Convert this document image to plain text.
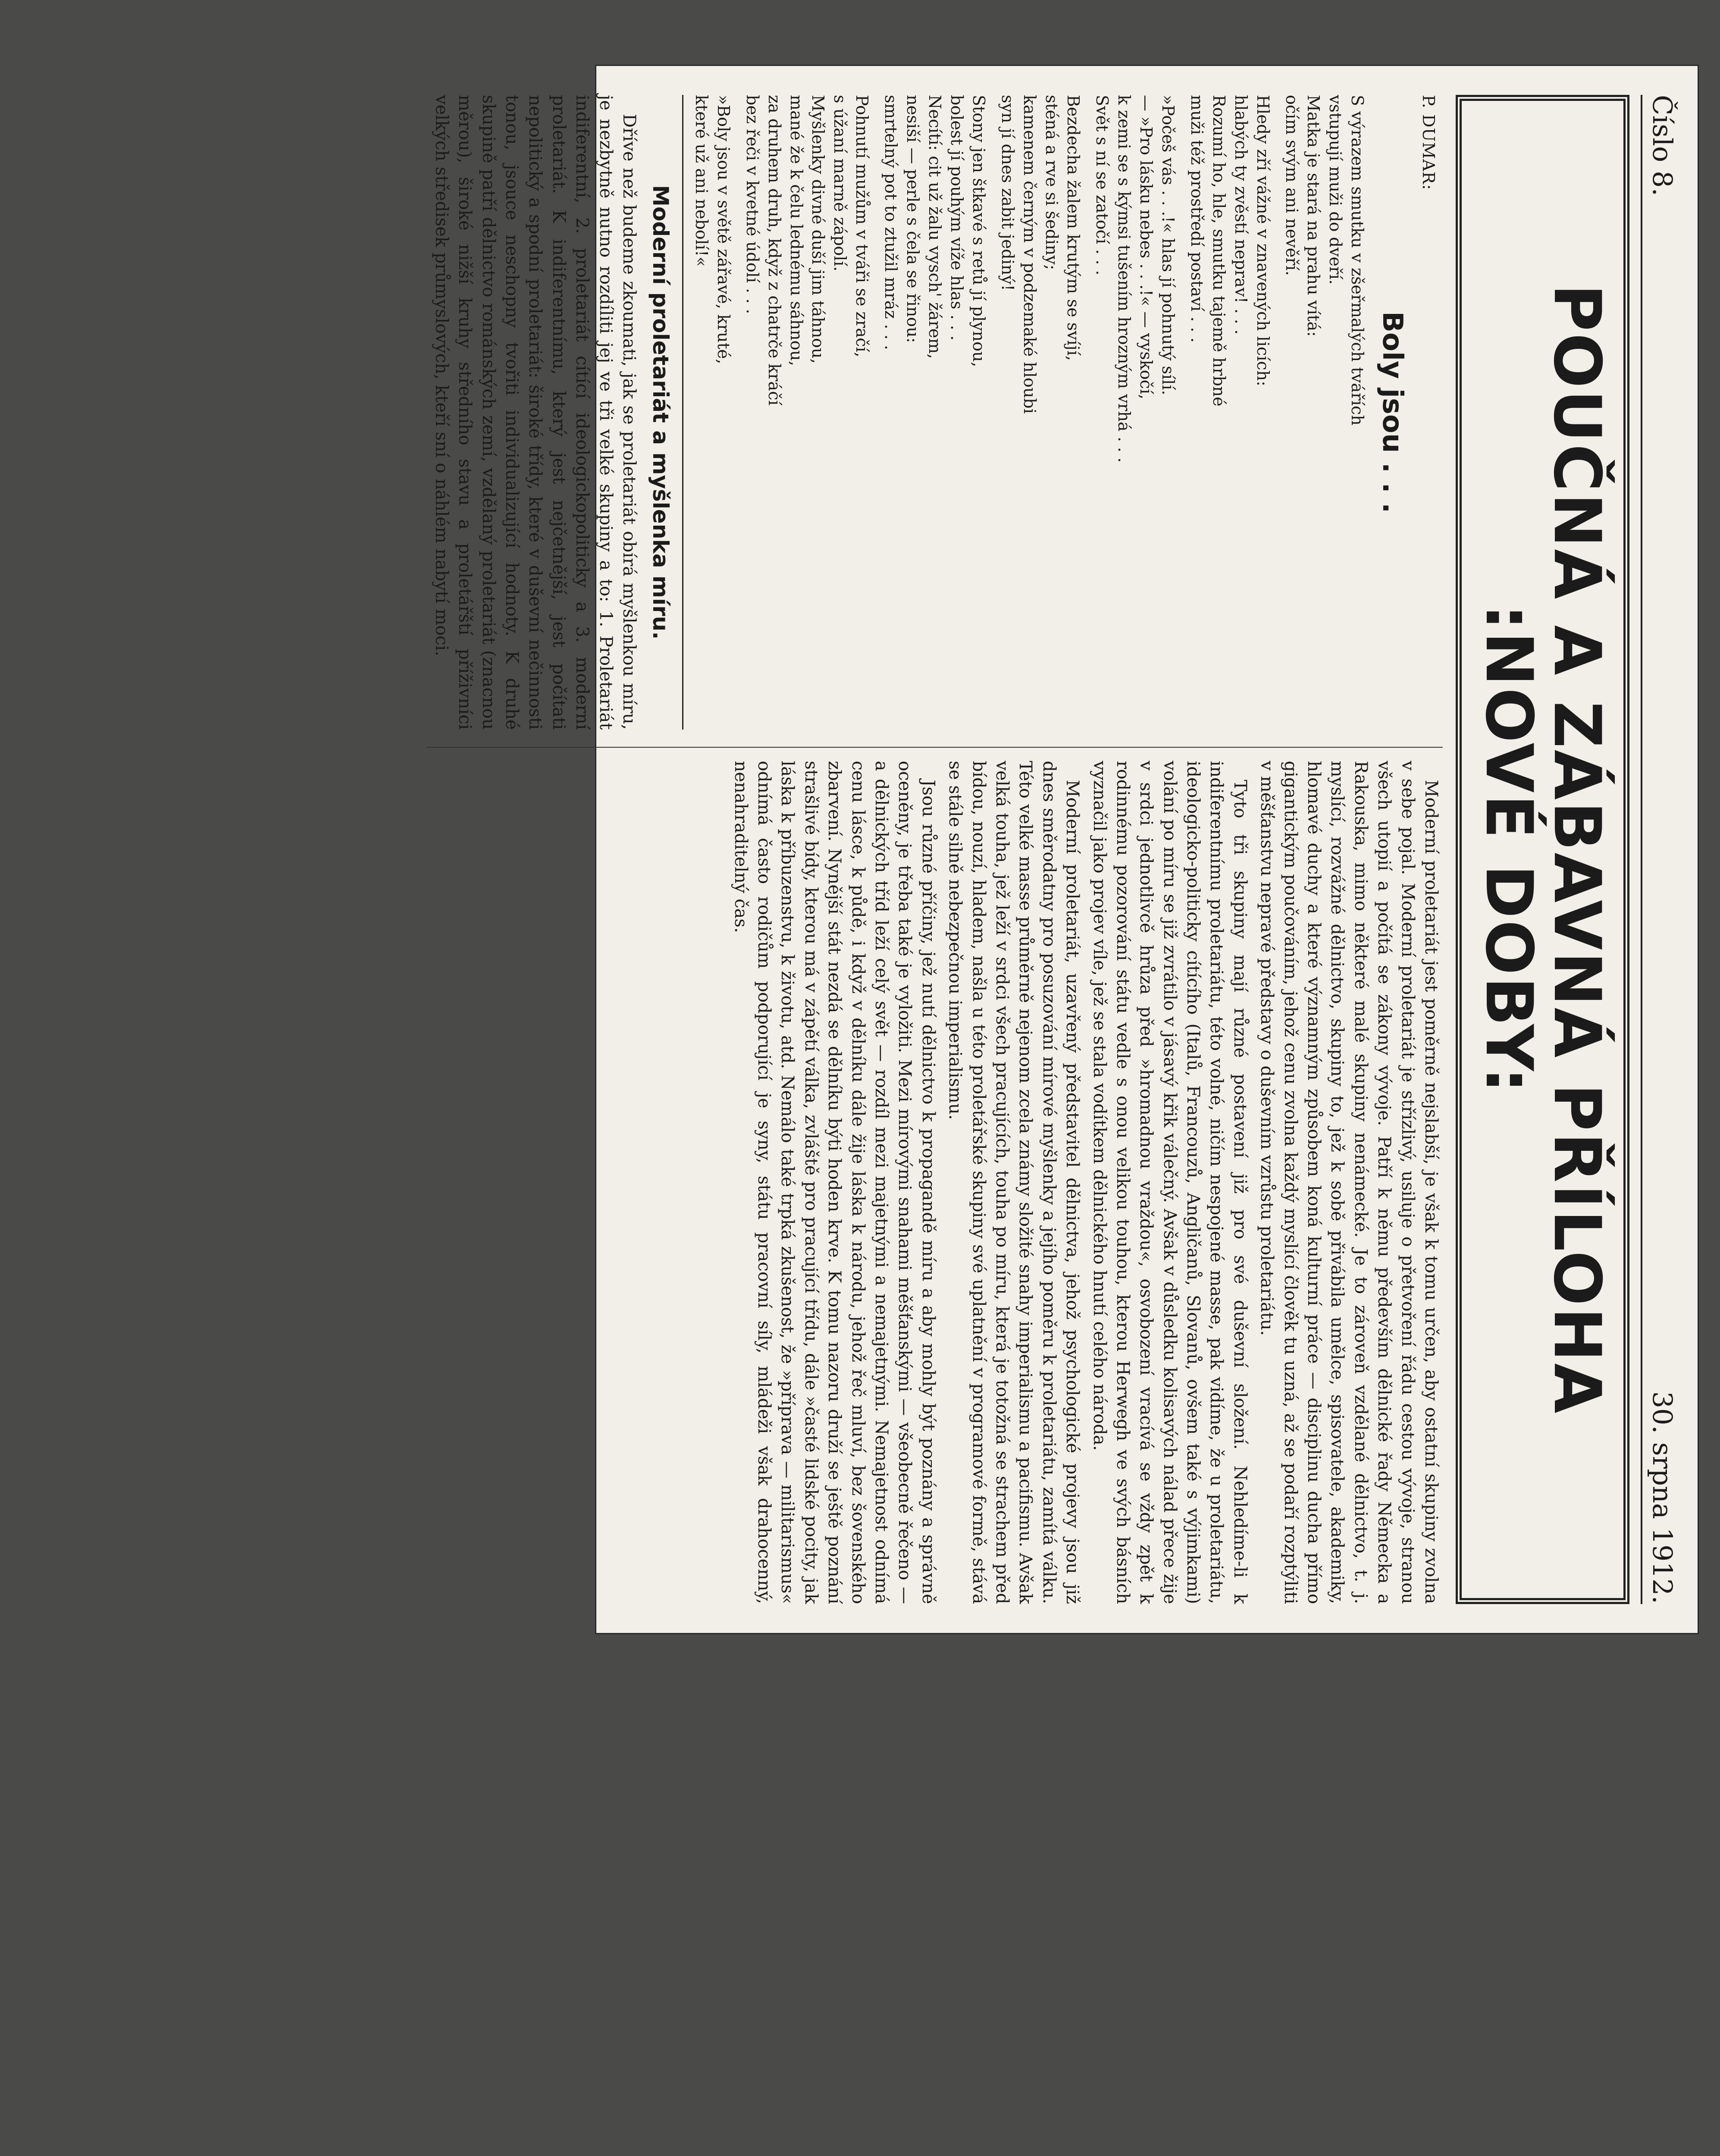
Číslo 8.
30. srpna 1912.
POUČNÁ A ZÁBAVNÁ PŘÍLOHA
:NOVÉ DOBY:
P. DUMAR:
Boly jsou . . .
S výrazem smutku v zšeřmalých tvářích
vstupují muži do dveří.
Matka je stará na prahu vítá:
očím svým ani nevěří.
Hledy zří vážné v znavených licích:
hlabých ty zvěstí neprav! . . .
Rozumí ho, hle, smutku tajemě hrbné
muži též prostředí postaví . . .
»Počeš vás . . .!« hlas jí pohnutý sílí.
— »Pro lásku nebes . . .!« — vyskočí,
k zemi se s kýmsi tušením hrozným vrhá . . .
Svět s ní se zatočí . . .
Bezdecha žalem krutým se svíjí,
sténá a rve si šediny;
kamenem černým v podzemaké hloubi
syn jí dnes zabit jediný!
Stony jen štkavé s retů jí plynou,
bolest jí pouhým víže hlas . . .
Necítí: cit už žalu vysch' žárem,
nesiší — perle s čela se řinou:
smrtelný pot to ztužil mráz . . .
Pohnutí mužům v tváři se zračí,
s úžaní marně zápolí.
Myšlenky divné duší jim táhnou,
mané že k čelu lednému sáhnou,
za druhem druh, když z chatrče kráčí
bez řeči v kvetné údolí . . .
»Boly jsou v světě zářavé, kruté,
které už ani nebolí!«
Moderní proletariát a myšlenka míru.

Dříve než budeme zkoumati, jak se proletariát obírá myšlenkou míru, je nezbytně nutno rozdíliti jej ve tři velké skupiny a to: 1. Proletariát indiferentní, 2. proletariát cítící ideologickopoliticky a 3. moderní proletariát. K indiferentnímu, který jest nejčetnější, jest počítati nepolitický a spodní proletariát: široké třídy, které v duševní nečinnosti tonou, jsouce neschopny tvořiti individualizující hodnoty. K druhé skupině patří dělnictvo románských zemí, vzdělaný proletariát (znacnou měrou), široké nižší kruhy středního stavu a proletářští příživníci velkých středisek průmyslových, kteří sní o náhlém nabytí moci.

Moderní proletariát jest poměrně nejslabší, je však k tomu určen, aby ostatní skupiny zvolna v sebe pojal. Moderní proletariát je střízlivý, usiluje o přetvoření řádu cestou vývoje, stranou všech utopií a počítá se zákony vývoje. Patří k němu především dělnické řady Německa a Rakouska, mimo některé malé skupiny nenámecké. Je to zároveň vzdělané dělnictvo, t. j. myslící, rozvážné dělnictvo, skupiny to, jež k sobě přivábila umělce, spisovatele, akademiky, hlomavé duchy a které významným způsobem koná kulturní práce — disciplinu ducha přímo gigantickým poučováním, jehož cenu zvolna každý myslící člověk tu uzná, až se podaří rozptýliti v měšťanstvu nepravé představy o duševním vzrůstu proletariátu.

Tyto tři skupiny mají různé postavení již pro své duševní složení. Nehledíme-li k indiferentnímu proletariátu, této volné, ničím nespojené masse, pak vidíme, že u proletariátu, ideologicko-politicky cítícího (Italů, Francouzů, Angličanů, Slovanů, ovšem také s výjimkami) volání po míru se již zvrátilo v jásavý křik válečný. Avšak v důsledku kolisavých nálad přece žije v srdci jednotlivcě hrůza před »hromadnou vraždou«, osvobození vracívá se vždy zpět k rodinnému pozorování státu vedle s onou velikou touhou, kterou Herwegh ve svých básních vyznačil jako projev víle, jež se stala vodítkem dělnického hnutí celého národa.

Moderní proletariát, uzavřený představitel dělnictva, jehož psychologické projevy jsou již dnes směrodatny pro posuzování mírové myšlenky a jejího poměru k proletariátu, zamítá válku. Této velké masse průměrně nejenom zcela známy složité snahy imperialismu a pacifismu. Avšak velká touha, jež leží v srdci všech pracujících, touha po míru, která je totožná se strachem před bídou, nouzí, hladem, našla u této proletářské skupiny své uplatnění v programové formě, stává se stále silně nebezpečnou imperialismu.

Jsou různé příčiny, jež nutí dělnictvo k propagandě míru a aby mohly být poznány a správně oceněny, je třeba také je vyložiti. Mezi mírovými snahami měšťanskými — všeobecně řečeno — a dělnických tříd leží celý svět — rozdíl mezi majetnými a nemajetnými. Nemajetnost odnímá cenu lásce, k půdě, i když v dělníku dále žije láska k národu, jehož řeč mluví, bez šovenského zbarvení. Nynější stát nezdá se dělníku býti hoden krve. K tomu nazoru druží se ještě poznání strašlivé bídy, kterou má v zápětí válka, zvláště pro pracující třídu, dále »časté lidské pocity, jak láska k příbuzenstvu, k životu, atd. Nemálo také trpká zkušenost, že »příprava — militarismus« odnímá často rodičům podporující je syny, státu pracovní síly, mládeži však drahocenný, nenahraditelný čas.
